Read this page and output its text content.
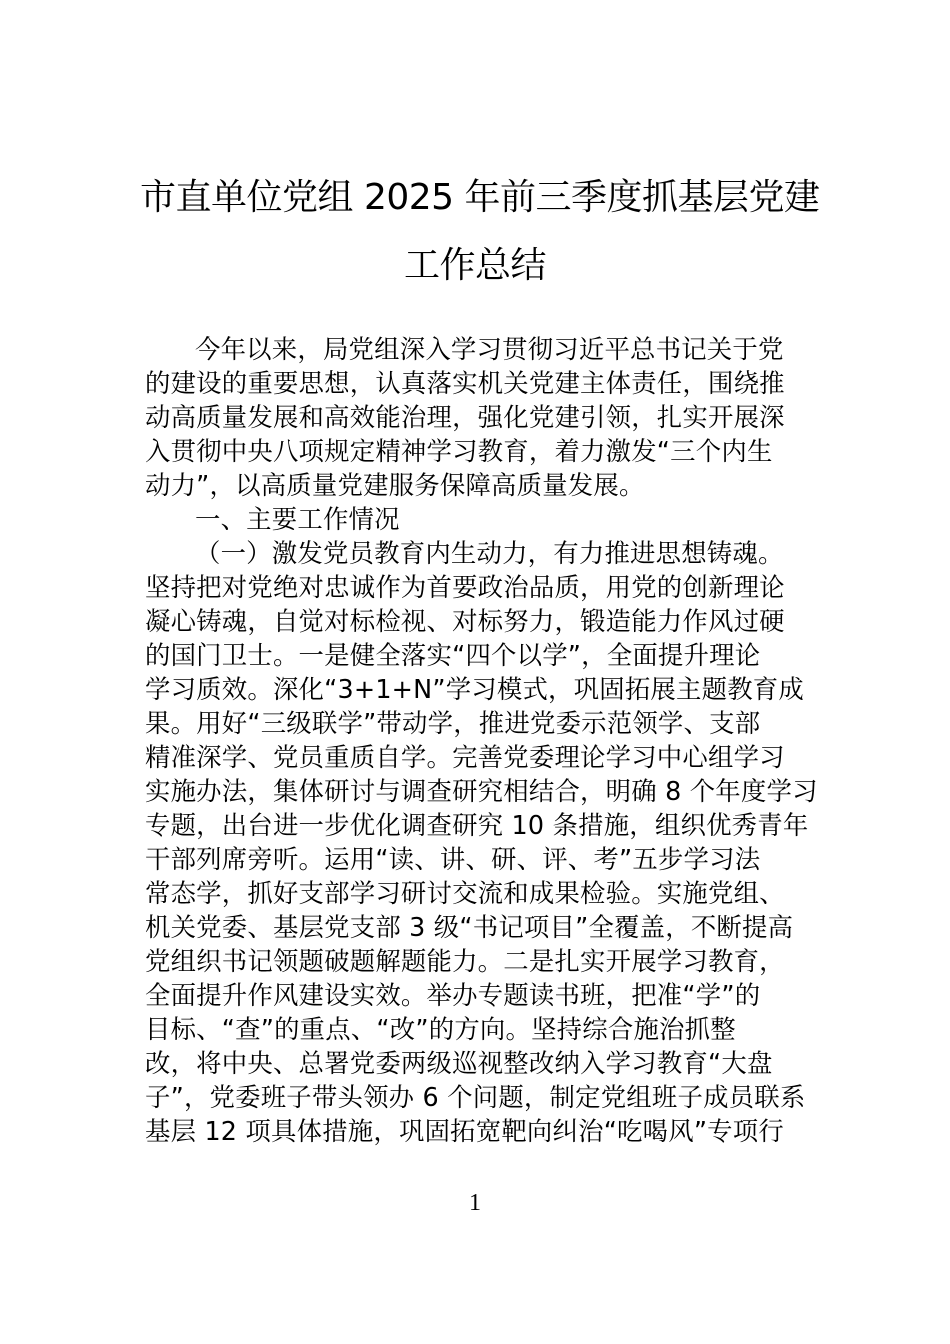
市直单位党组 2025 年前三季度抓基层党建
工作总结
今年以来，局党组深入学习贯彻习近平总书记关于党
的建设的重要思想，认真落实机关党建主体责任，围绕推
动高质量发展和高效能治理，强化党建引领，扎实开展深
入贯彻中央八项规定精神学习教育，着力激发“三个内生
动力”，以高质量党建服务保障高质量发展。
一、主要工作情况
（一）激发党员教育内生动力，有力推进思想铸魂。
坚持把对党绝对忠诚作为首要政治品质，用党的创新理论
凝心铸魂，自觉对标检视、对标努力，锻造能力作风过硬
的国门卫士。一是健全落实“四个以学”，全面提升理论
学习质效。深化“3+1+N”学习模式，巩固拓展主题教育成
果。用好“三级联学”带动学，推进党委示范领学、支部
精准深学、党员重质自学。完善党委理论学习中心组学习
实施办法，集体研讨与调查研究相结合，明确 8 个年度学习
专题，出台进一步优化调查研究 10 条措施，组织优秀青年
干部列席旁听。运用“读、讲、研、评、考”五步学习法
常态学，抓好支部学习研讨交流和成果检验。实施党组、
机关党委、基层党支部 3 级“书记项目”全覆盖，不断提高
党组织书记领题破题解题能力。二是扎实开展学习教育，
全面提升作风建设实效。举办专题读书班，把准“学”的
目标、“查”的重点、“改”的方向。坚持综合施治抓整
改，将中央、总署党委两级巡视整改纳入学习教育“大盘
子”，党委班子带头领办 6 个问题，制定党组班子成员联系
基层 12 项具体措施，巩固拓宽靶向纠治“吃喝风”专项行
1
